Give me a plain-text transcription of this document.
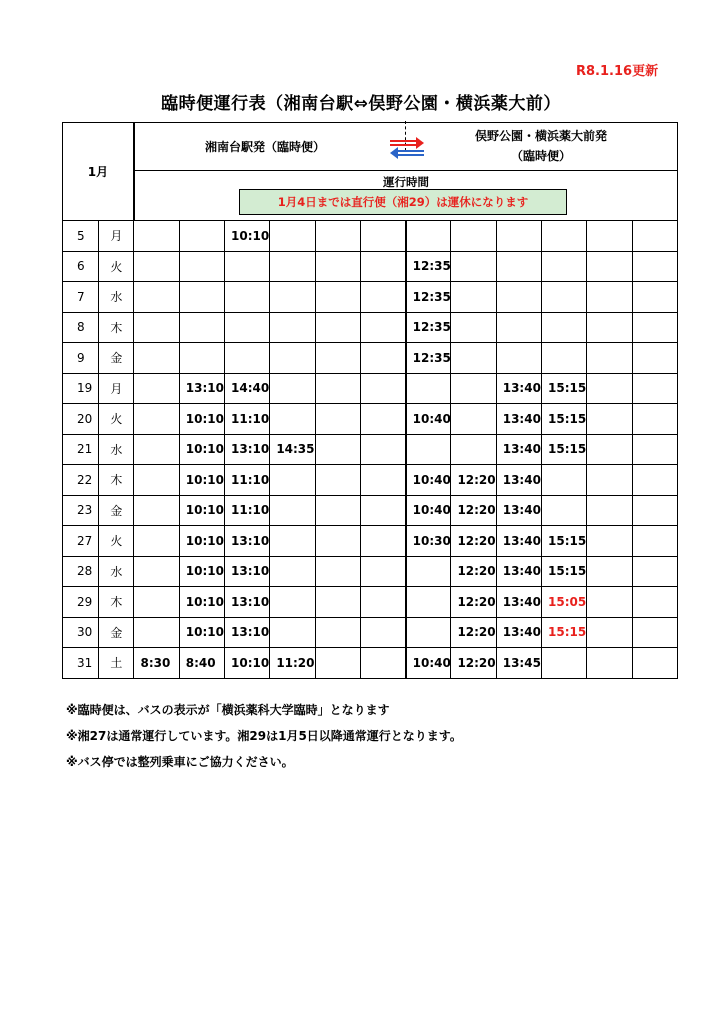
R8.1.16更新
臨時便運行表（湘南台駅⇔俣野公園・横浜薬大前）
1月		湘南台駅発（臨時便）
俣野公園・横浜薬大前発
（臨時便）											

		運行時間
1月4日までは直行便（湘29）は運休になります											

5	月			10:10									
6	火							12:35					
7	水							12:35					
8	木							12:35					
9	金							12:35					
19	月		13:10	14:40						13:40	15:15		
20	火		10:10	11:10				10:40		13:40	15:15		
21	水		10:10	13:10	14:35					13:40	15:15		
22	木		10:10	11:10				10:40	12:20	13:40			
23	金		10:10	11:10				10:40	12:20	13:40			
27	火		10:10	13:10				10:30	12:20	13:40	15:15		
28	水		10:10	13:10					12:20	13:40	15:15		
29	木		10:10	13:10					12:20	13:40	15:05		
30	金		10:10	13:10					12:20	13:40	15:15		
31	土	8:30	8:40	10:10	11:20			10:40	12:20	13:45			
※臨時便は、バスの表示が「横浜薬科大学臨時」となります
※湘27は通常運行しています。湘29は1月5日以降通常運行となります。
※バス停では整列乗車にご協力ください。
